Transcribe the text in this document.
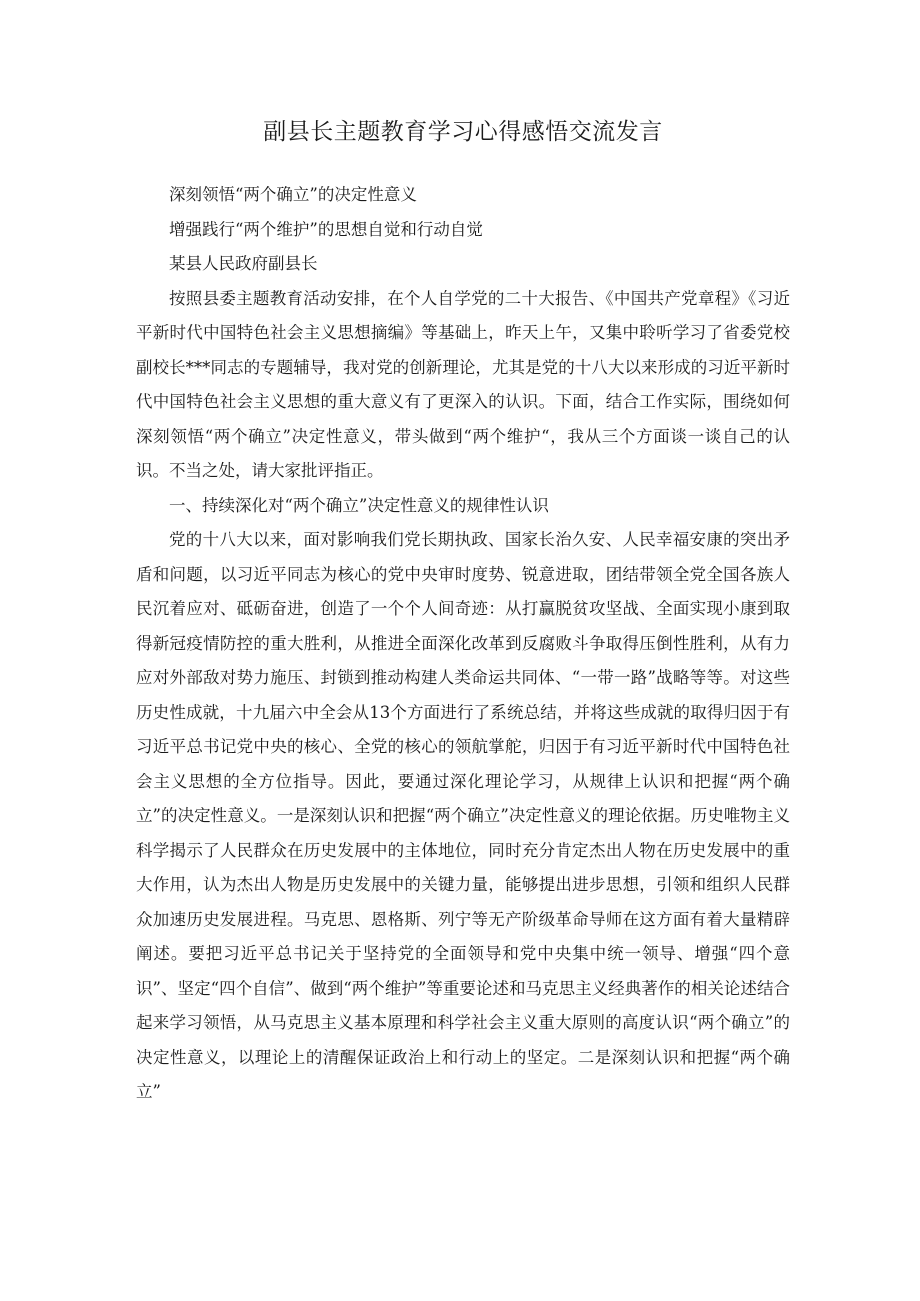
副县长主题教育学习心得感悟交流发言

深刻领悟“两个确立”的决定性意义

增强践行“两个维护”的思想自觉和行动自觉

某县人民政府副县长

按照县委主题教育活动安排，在个人自学党的二十大报告、《中国共产党章程》《习近平新时代中国特色社会主义思想摘编》等基础上，昨天上午，又集中聆听学习了省委党校副校长***同志的专题辅导，我对党的创新理论，尤其是党的十八大以来形成的习近平新时代中国特色社会主义思想的重大意义有了更深入的认识。下面，结合工作实际，围绕如何深刻领悟“两个确立”决定性意义，带头做到“两个维护“，我从三个方面谈一谈自己的认识。不当之处，请大家批评指正。

一、持续深化对“两个确立”决定性意义的规律性认识

党的十八大以来，面对影响我们党长期执政、国家长治久安、人民幸福安康的突出矛盾和问题，以习近平同志为核心的党中央审时度势、锐意进取，团结带领全党全国各族人民沉着应对、砥砺奋进，创造了一个个人间奇迹：从打赢脱贫攻坚战、全面实现小康到取得新冠疫情防控的重大胜利，从推进全面深化改革到反腐败斗争取得压倒性胜利，从有力应对外部敌对势力施压、封锁到推动构建人类命运共同体、“一带一路”战略等等。对这些历史性成就，十九届六中全会从13个方面进行了系统总结，并将这些成就的取得归因于有习近平总书记党中央的核心、全党的核心的领航掌舵，归因于有习近平新时代中国特色社会主义思想的全方位指导。因此，要通过深化理论学习，从规律上认识和把握“两个确立”的决定性意义。一是深刻认识和把握“两个确立”决定性意义的理论依据。历史唯物主义科学揭示了人民群众在历史发展中的主体地位，同时充分肯定杰出人物在历史发展中的重大作用，认为杰出人物是历史发展中的关键力量，能够提出进步思想，引领和组织人民群众加速历史发展进程。马克思、恩格斯、列宁等无产阶级革命导师在这方面有着大量精辟阐述。要把习近平总书记关于坚持党的全面领导和党中央集中统一领导、增强“四个意识”、坚定“四个自信”、做到“两个维护”等重要论述和马克思主义经典著作的相关论述结合起来学习领悟，从马克思主义基本原理和科学社会主义重大原则的高度认识“两个确立”的决定性意义，以理论上的清醒保证政治上和行动上的坚定。二是深刻认识和把握“两个确立”
